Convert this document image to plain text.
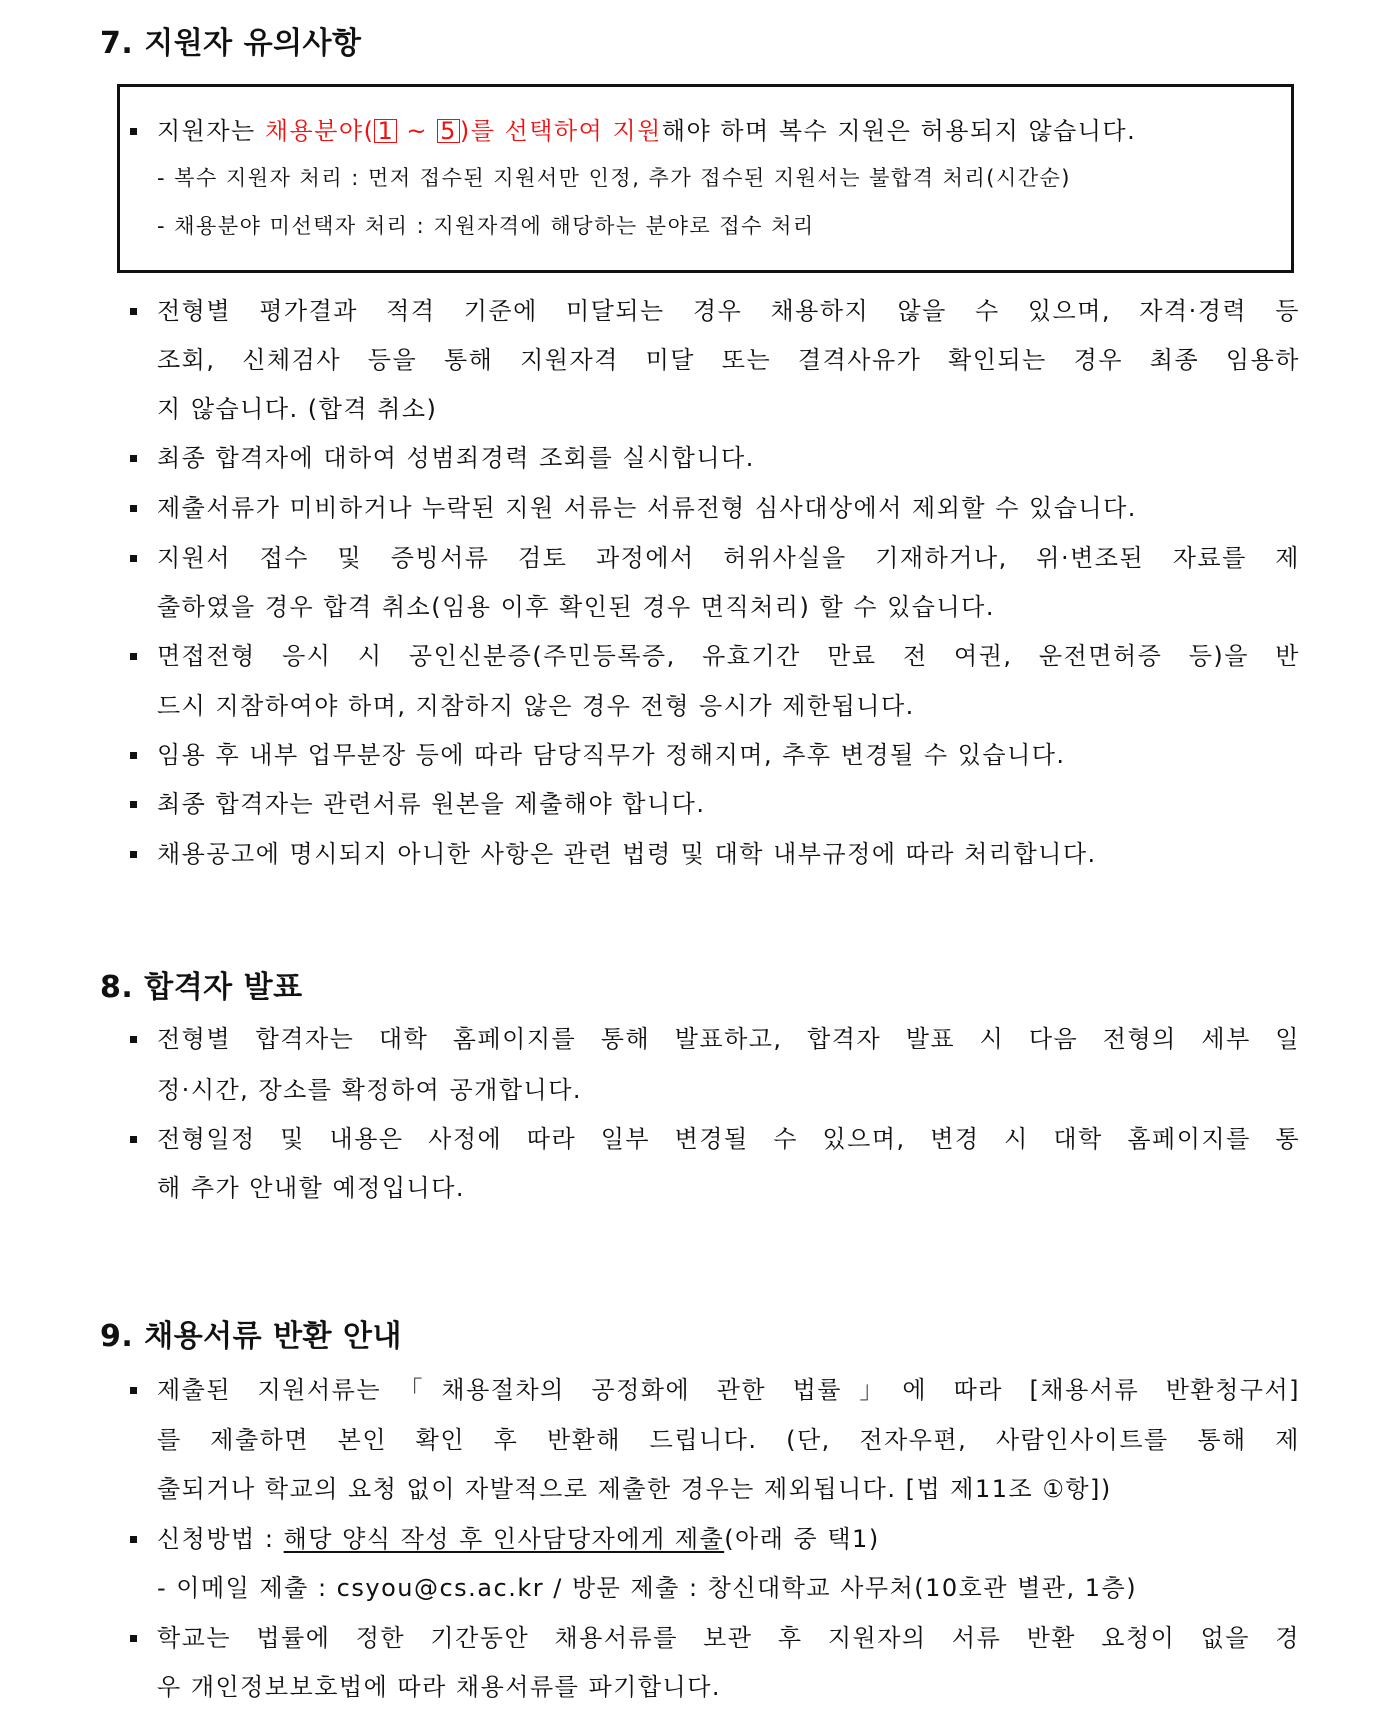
7. 지원자 유의사항
지원자는 채용분야( 1 ~ 5 )를 선택하여 지원해야 하며 복수 지원은 허용되지 않습니다.
- 복수 지원자 처리 : 먼저 접수된 지원서만 인정, 추가 접수된 지원서는 불합격 처리(시간순)
- 채용분야 미선택자 처리 : 지원자격에 해당하는 분야로 접수 처리
전형별 평가결과 적격 기준에 미달되는 경우 채용하지 않을 수 있으며, 자격·경력 등
조회, 신체검사 등을 통해 지원자격 미달 또는 결격사유가 확인되는 경우 최종 임용하
지 않습니다. (합격 취소)
최종 합격자에 대하여 성범죄경력 조회를 실시합니다.
제출서류가 미비하거나 누락된 지원 서류는 서류전형 심사대상에서 제외할 수 있습니다.
지원서 접수 및 증빙서류 검토 과정에서 허위사실을 기재하거나, 위·변조된 자료를 제
출하였을 경우 합격 취소(임용 이후 확인된 경우 면직처리) 할 수 있습니다.
면접전형 응시 시 공인신분증(주민등록증, 유효기간 만료 전 여권, 운전면허증 등)을 반
드시 지참하여야 하며, 지참하지 않은 경우 전형 응시가 제한됩니다.
임용 후 내부 업무분장 등에 따라 담당직무가 정해지며, 추후 변경될 수 있습니다.
최종 합격자는 관련서류 원본을 제출해야 합니다.
채용공고에 명시되지 아니한 사항은 관련 법령 및 대학 내부규정에 따라 처리합니다.
8. 합격자 발표
전형별 합격자는 대학 홈페이지를 통해 발표하고, 합격자 발표 시 다음 전형의 세부 일
정·시간, 장소를 확정하여 공개합니다.
전형일정 및 내용은 사정에 따라 일부 변경될 수 있으며, 변경 시 대학 홈페이지를 통
해 추가 안내할 예정입니다.
9. 채용서류 반환 안내
제출된 지원서류는「채용절차의 공정화에 관한 법률」에 따라 [채용서류 반환청구서]
를 제출하면 본인 확인 후 반환해 드립니다. (단, 전자우편, 사람인사이트를 통해 제
출되거나 학교의 요청 없이 자발적으로 제출한 경우는 제외됩니다. [법 제11조 ①항])
신청방법 : 해당 양식 작성 후 인사담당자에게 제출(아래 중 택1)
- 이메일 제출 : csyou@cs.ac.kr / 방문 제출 : 창신대학교 사무처(10호관 별관, 1층)
학교는 법률에 정한 기간동안 채용서류를 보관 후 지원자의 서류 반환 요청이 없을 경
우 개인정보보호법에 따라 채용서류를 파기합니다.
